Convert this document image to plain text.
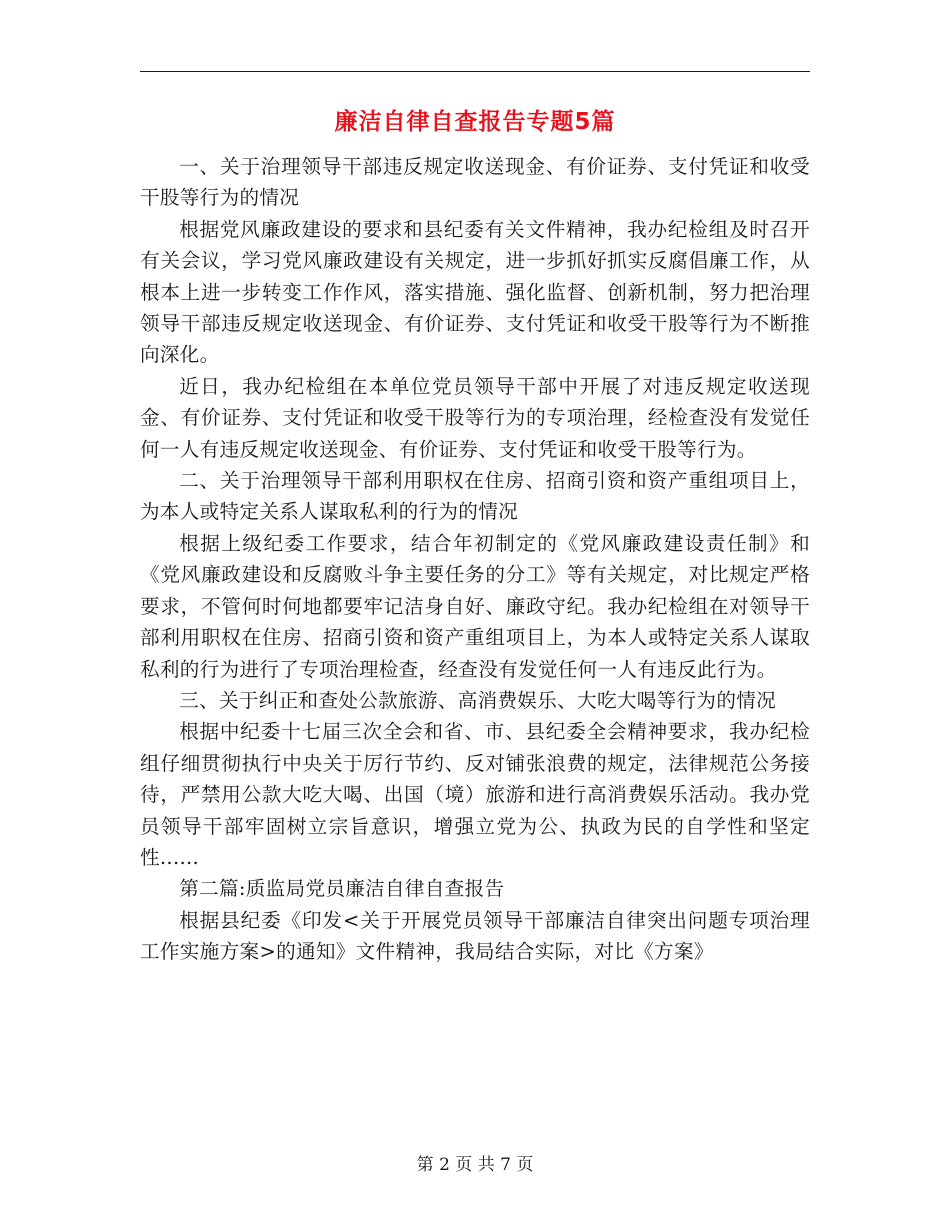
廉洁自律自查报告专题5篇

一、关于治理领导干部违反规定收送现金、有价证券、支付凭证和收受干股等行为的情况

根据党风廉政建设的要求和县纪委有关文件精神，我办纪检组及时召开有关会议，学习党风廉政建设有关规定，进一步抓好抓实反腐倡廉工作，从根本上进一步转变工作作风，落实措施、强化监督、创新机制，努力把治理领导干部违反规定收送现金、有价证券、支付凭证和收受干股等行为不断推向深化。

近日，我办纪检组在本单位党员领导干部中开展了对违反规定收送现金、有价证券、支付凭证和收受干股等行为的专项治理，经检查没有发觉任何一人有违反规定收送现金、有价证券、支付凭证和收受干股等行为。

二、关于治理领导干部利用职权在住房、招商引资和资产重组项目上，为本人或特定关系人谋取私利的行为的情况

根据上级纪委工作要求，结合年初制定的《党风廉政建设责任制》和《党风廉政建设和反腐败斗争主要任务的分工》等有关规定，对比规定严格要求，不管何时何地都要牢记洁身自好、廉政守纪。我办纪检组在对领导干部利用职权在住房、招商引资和资产重组项目上，为本人或特定关系人谋取私利的行为进行了专项治理检查，经查没有发觉任何一人有违反此行为。

三、关于纠正和查处公款旅游、高消费娱乐、大吃大喝等行为的情况

根据中纪委十七届三次全会和省、市、县纪委全会精神要求，我办纪检组仔细贯彻执行中央关于厉行节约、反对铺张浪费的规定，法律规范公务接待，严禁用公款大吃大喝、出国（境）旅游和进行高消费娱乐活动。我办党员领导干部牢固树立宗旨意识，增强立党为公、执政为民的自学性和坚定性......

第二篇:质监局党员廉洁自律自查报告

根据县纪委《印发<关于开展党员领导干部廉洁自律突出问题专项治理工作实施方案>的通知》文件精神，我局结合实际，对比《方案》

第 2 页 共 7 页
